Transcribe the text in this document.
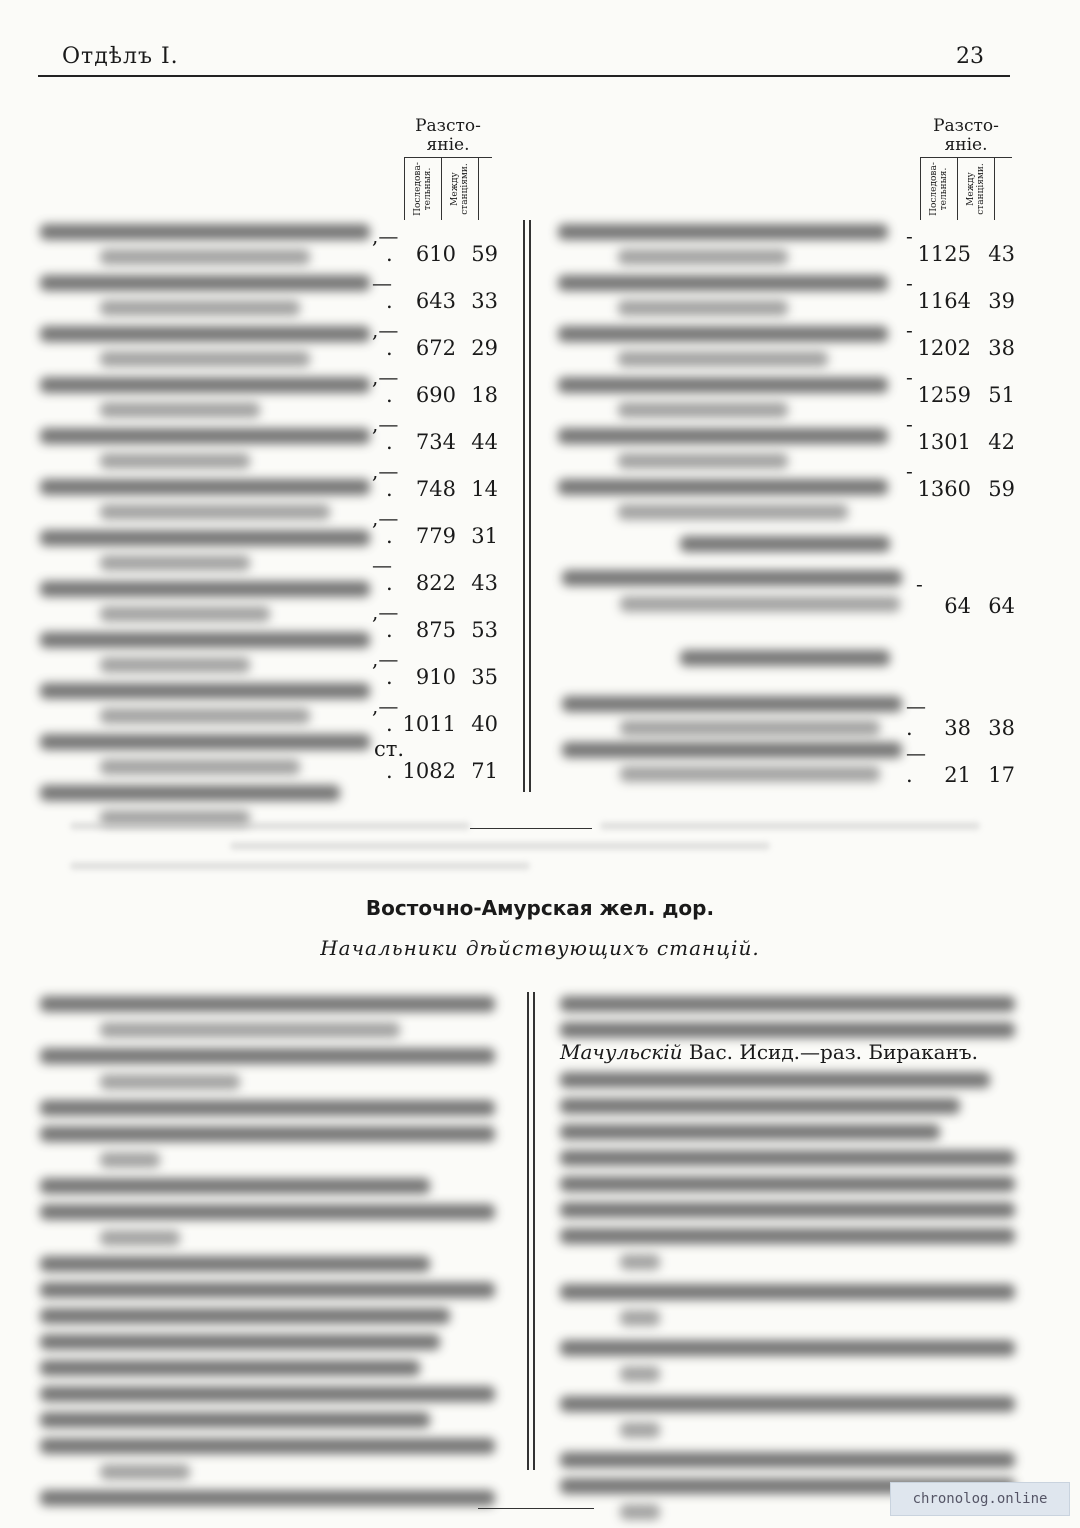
Отдѣлъ I.	23
Разсто-
яніе.
Последова-
тельныя. Между
станціями.
Разсто-
яніе.
Последова-
тельныя. Между
станціями.
,—
. 610 59
—
. 643 33
,—
. 672 29
,—
. 690 18
,—
. 734 44
,—
. 748 14
,—
. 779 31
—
. 822 43
,—
. 875 53
,—
. 910 35
,—
. 1011 40
ст.
. 1082 71
-
1125 43
-
1164 39
-
1202 38
-
1259 51
-
1301 42
-
1360 59
-
64 64
—
. 38 38
—
. 21 17
Восточно-Амурская жел. дор.
Начальники дѣйствующихъ станцій.
Мачульскій Вас. Исид.—раз. Бираканъ.
chronolog.online
